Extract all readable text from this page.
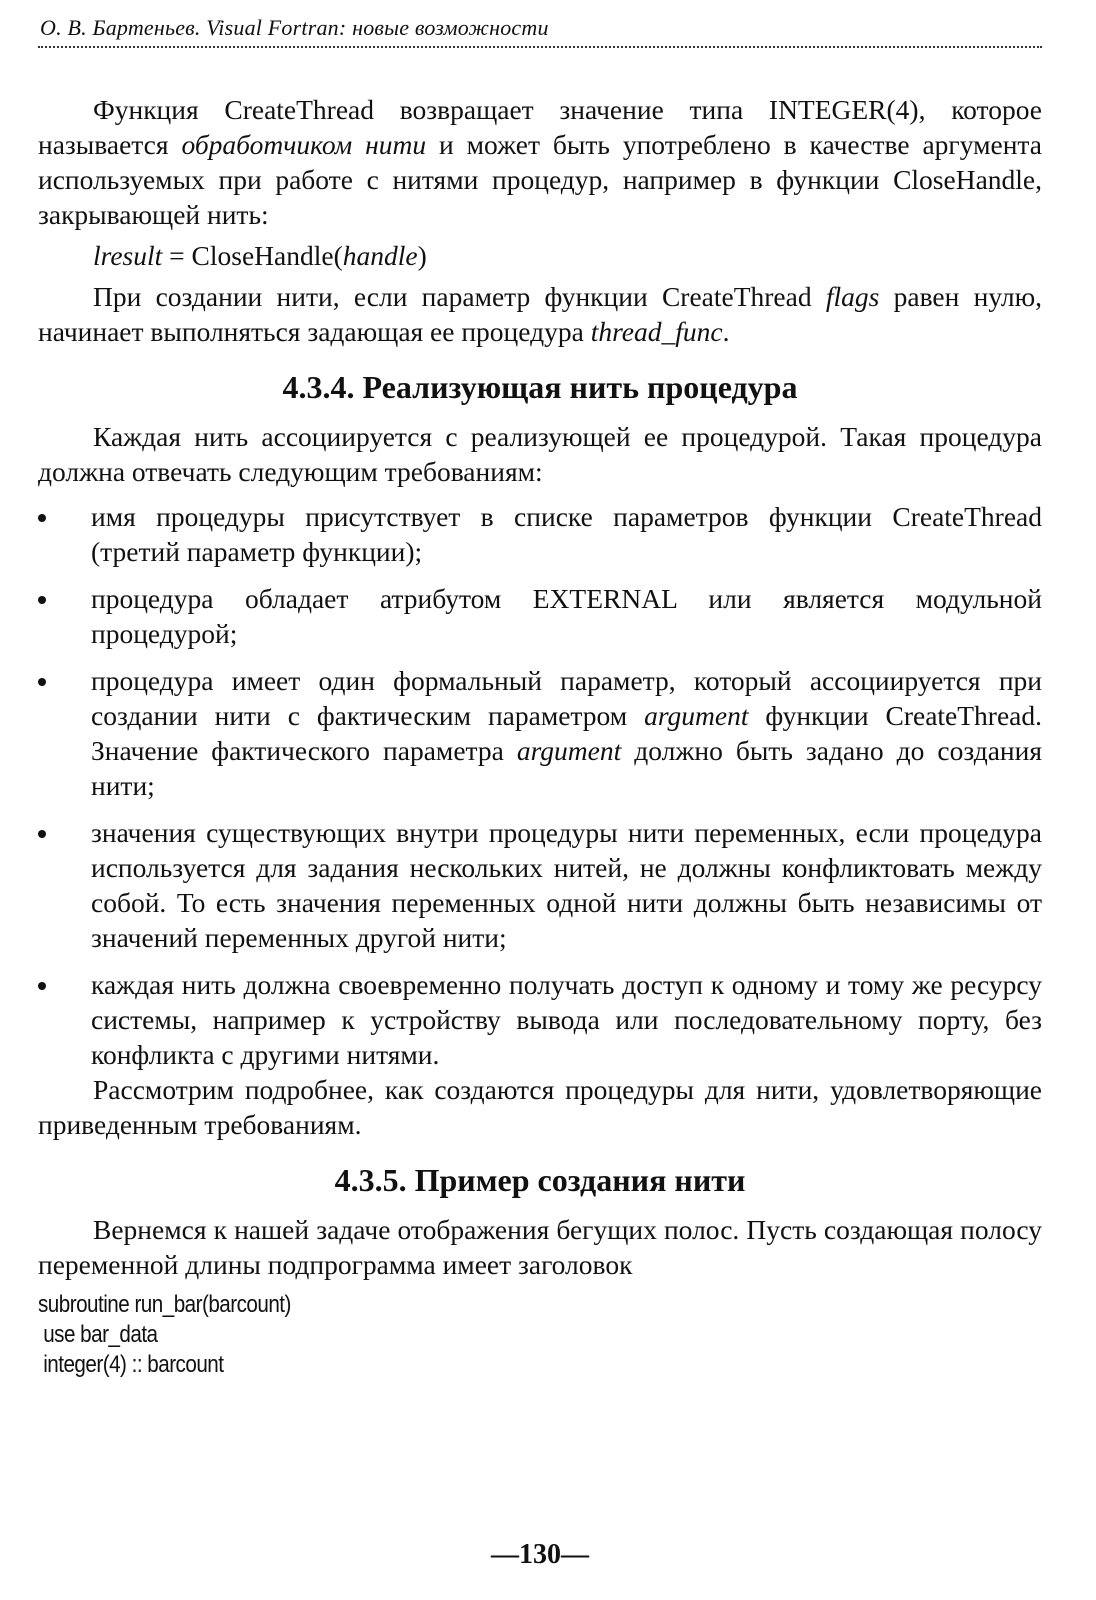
О. В. Бартеньев. Visual Fortran: новые возможности

Функция CreateThread возвращает значение типа INTEGER(4), которое называется обработчиком нити и может быть употреблено в качестве аргумента используемых при работе с нитями процедур, например в функции CloseHandle, закрывающей нить:

lresult = CloseHandle(handle)

При создании нити, если параметр функции CreateThread flags равен нулю, начинает выполняться задающая ее процедура thread_func.

4.3.4. Реализующая нить процедура

Каждая нить ассоциируется с реализующей ее процедурой. Такая процедура должна отвечать следующим требованиям:

имя процедуры присутствует в списке параметров функции CreateThread (третий параметр функции);
процедура обладает атрибутом EXTERNAL или является модульной процедурой;
процедура имеет один формальный параметр, который ассоциируется при создании нити с фактическим параметром argument функции CreateThread. Значение фактического параметра argument должно быть задано до создания нити;
значения существующих внутри процедуры нити переменных, если процедура используется для задания нескольких нитей, не должны конфликтовать между собой. То есть значения переменных одной нити должны быть независимы от значений переменных другой нити;
каждая нить должна своевременно получать доступ к одному и тому же ресурсу системы, например к устройству вывода или последовательному порту, без конфликта с другими нитями.

Рассмотрим подробнее, как создаются процедуры для нити, удовлетворяющие приведенным требованиям.

4.3.5. Пример создания нити

Вернемся к нашей задаче отображения бегущих полос. Пусть создающая полосу переменной длины подпрограмма имеет заголовок

subroutine run_bar(barcount)
use bar_data
integer(4) :: barcount
—130—
